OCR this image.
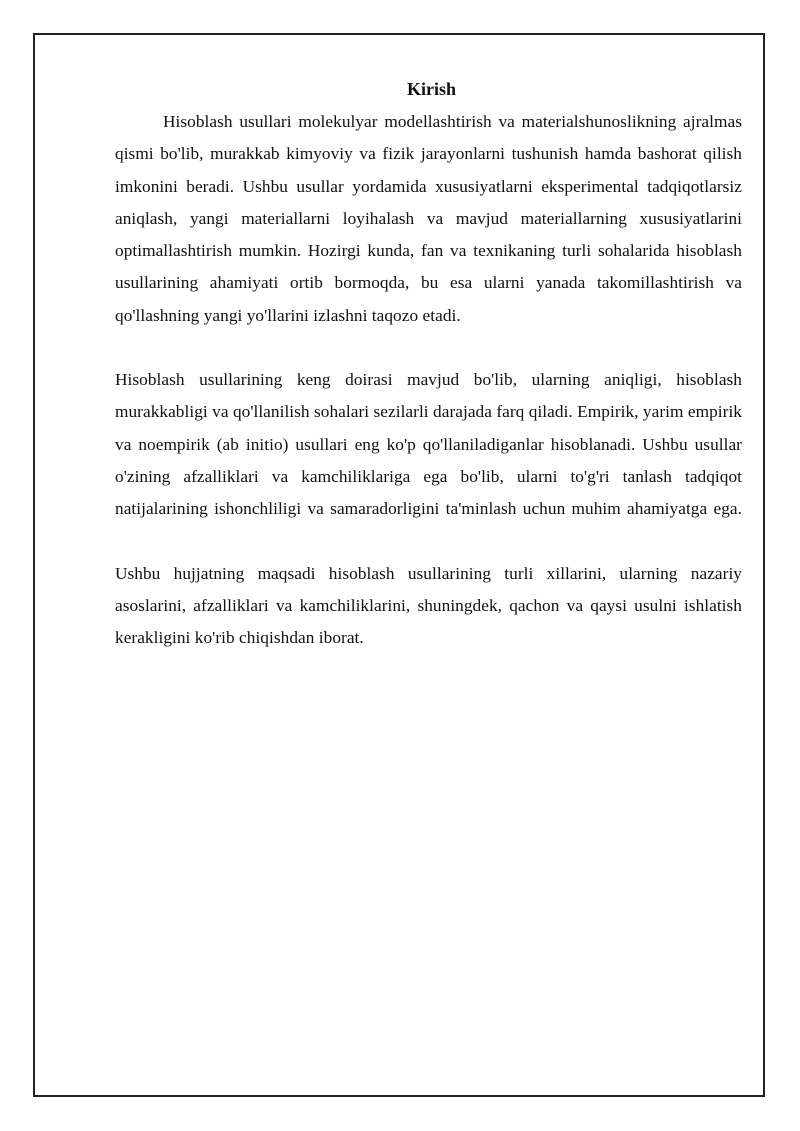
Kirish

Hisoblash usullari molekulyar modellashtirish va materialshunoslikning ajralmas qismi bo'lib, murakkab kimyoviy va fizik jarayonlarni tushunish hamda bashorat qilish imkonini beradi. Ushbu usullar yordamida xususiyatlarni eksperimental tadqiqotlarsiz aniqlash, yangi materiallarni loyihalash va mavjud materiallarning xususiyatlarini optimallashtirish mumkin. Hozirgi kunda, fan va texnikaning turli sohalarida hisoblash usullarining ahamiyati ortib bormoqda, bu esa ularni yanada takomillashtirish va qo'llashning yangi yo'llarini izlashni taqozo etadi.

Hisoblash usullarining keng doirasi mavjud bo'lib, ularning aniqligi, hisoblash murakkabligi va qo'llanilish sohalari sezilarli darajada farq qiladi. Empirik, yarim empirik va noempirik (ab initio) usullari eng ko'p qo'llaniladiganlar hisoblanadi. Ushbu usullar o'zining afzalliklari va kamchiliklariga ega bo'lib, ularni to'g'ri tanlash tadqiqot natijalarining ishonchliligi va samaradorligini ta'minlash uchun muhim ahamiyatga ega.

Ushbu hujjatning maqsadi hisoblash usullarining turli xillarini, ularning nazariy asoslarini, afzalliklari va kamchiliklarini, shuningdek, qachon va qaysi usulni ishlatish kerakligini ko'rib chiqishdan iborat.
